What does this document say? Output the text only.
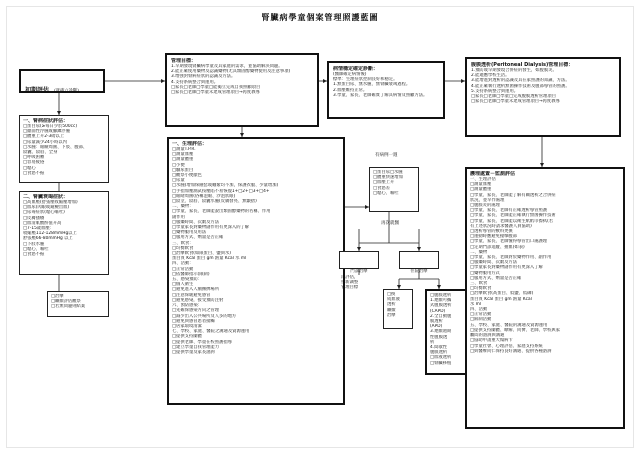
腎臟病學童個案管理照護藍圖
初期評估 (就確立診斷)
管理目標：
1.早期發現腎臟病學童及其家庭的需求，並協助解決問題。
2.能正確使用藥物及認識藥物(尤其類固醇藥物使用及注意事項)
3.增強對腎病症狀的認識及方法。
4.支持系統整合與運用。
□家長□老師□學童□能獨立完成自我照顧項目
□家長□老師□學童未達成管理項目→再度教導
病情穩定確定診斷：
(醫師確定病情後)
標準：生理症狀控制良好和穩定。
1.無蛋白尿、無水腫、無腎臟衰竭過程。
2.血壓維持正常。
3.學童、家長、老師確實了解其病情及照顧方法。
腹膜透析(Peritoneal Dialysis)管理目標：
1.預防或早期發現合併症的發生，如腹膜炎。
2.能適應學校生活。
3.能增進對透析的認識及其在家照護的知識、方法。
4.能正確執行透析無菌操作技術及腹部導管的照護。
5.支持系統整合與運用。
□家長□老師□學童□完成腹膜透析管理項目
□家長□老師□學童未達成管理項目→再度教導
一、腎病症狀評估：
□蛋白尿(≥每日少於500cc)
□顏面性浮腫或腳踝浮腫
□體重上升2-3磅以上
□尿量減少24小時以內
□水腫：眼瞼周圍、下肢、腹部、
陰囊、陰唇、全身
□呼吸困難
□容易疲倦
□噁心
□食慾不振
二、腎臟衰竭症狀：
□高血壓(舒張壓收縮壓增加)
□血尿(肉眼或鏡檢出血)
□尿毒症狀(噁心嘔吐)
□皮膚搔癢
□血清肌酸酐值升高
□7-15歲血壓：
收縮壓112-128mmHg以上
舒張壓66-80mmHg 以上
□下肢水腫
□噁心、嘔吐
□食慾不振
□治療
□繼續評估觀察
□若無問題則結案
一、生理評估：
□測量T.P.R.
□測量血壓
□測量體重
□小便
□驗尿蛋白
□觀察小便顏色
□尿量
□水腫(增加保險套或繃紮均不加，保護衣服、少量增加)
□手指加壓測試按壓陷不易恢復1+□2+□3+□4+
□眼睛周圍(俗稱泡眼、沙泡狀眼)
□陰莖、陰唇、陰囊水腫(皮膚發亮、無皺摺)
二、藥物：
□學童、家長、老師能說出類固醇藥物的名稱、作用
副作用
□服藥時間、次數及方法
□學童家長對藥物副作用有更深入的了解
□藥物服用及用法
□服用方式、劑量是否正確
三、飲食：
□均衡飲食
□治療飲食(如限蛋白、鹽與水)
蛋白質 Kcal 蛋白 gm 熱量 Kcal 水 ml
四、活動：
□正常活動
□依醫師指示(限制)
五、感染預防：
□個人衛生
□避免進入人潮擁擠場所
□注意保暖避免感冒
□避免感染，接受預防注射
六、預防感染：
□先確保感染方向之管理
□減少出入公共場所及人多的地方
□避免與感冒患者接觸
□居家環境清潔
七、學校、家庭、醫院之溝通及資源運用
□提供支持團體
□提供老師、學童在校照護指導
□建立學童自我管理能力
□提供學童及家長諮詢
有病例一週
□蛋白尿□水腫
□體重快速增加
□血壓上升
□食慾差
□噁心、嘔吐
再次就醫
門診治療	住院治療
再評估，
重新調整
管理目標
□換
成血液
透析
繼續
治療
□腹膜透析
1.連續可攜
式腹膜透析
(CAPD)
2.全自動腹
膜透析
(APD)
3.連續週期
性腹膜透
析
4.間歇性
腹膜透析
□血液透析
□腎臟移植
護理處置－監測評估
一、生理評估
□測量血壓
□測量體重
□學童、家長、老師能了解有關透析之合併症
狀況，並早作處理
□腹膜炎的處理
□學童、家長、老師有正確透析導管照護
□學童、家長、老師能正確執行無菌操作技術
□學童、家長、老師能以衛生紙紙巾擦拭(若
有上述狀況時請求醫護人員協助)
□透析導管的敷料更換
□運動時應避免撞擊腹部
□學童、家長、老師懂得導管出口處護理
□定期門診追蹤、抽血(如表)
二、藥物
□學童、家長、老師對於藥物作用、副作用
□服藥時間、次數及方法
□學童家長對藥物副作用有更深入了解
□藥物服用方式
□服用方式、劑量是否正確
三、飲食
□均衡飲食
□治療飲食(高蛋白、低鹽、低磷)
蛋白質 Kcal 蛋白 gm 熱量 Kcal
水 ml
四、活動
□正常活動
□限制活動
五、學校、家庭、醫院的溝通及資源運用
□提供支持團體、瞭解、同儕、老師、學校與家
屬間的諮詢與溝通
□協助申請重大傷病卡
□學童社會、心理評估、家庭支持系統
□與醫療同仁保持良好溝通、提供各種諮詢
